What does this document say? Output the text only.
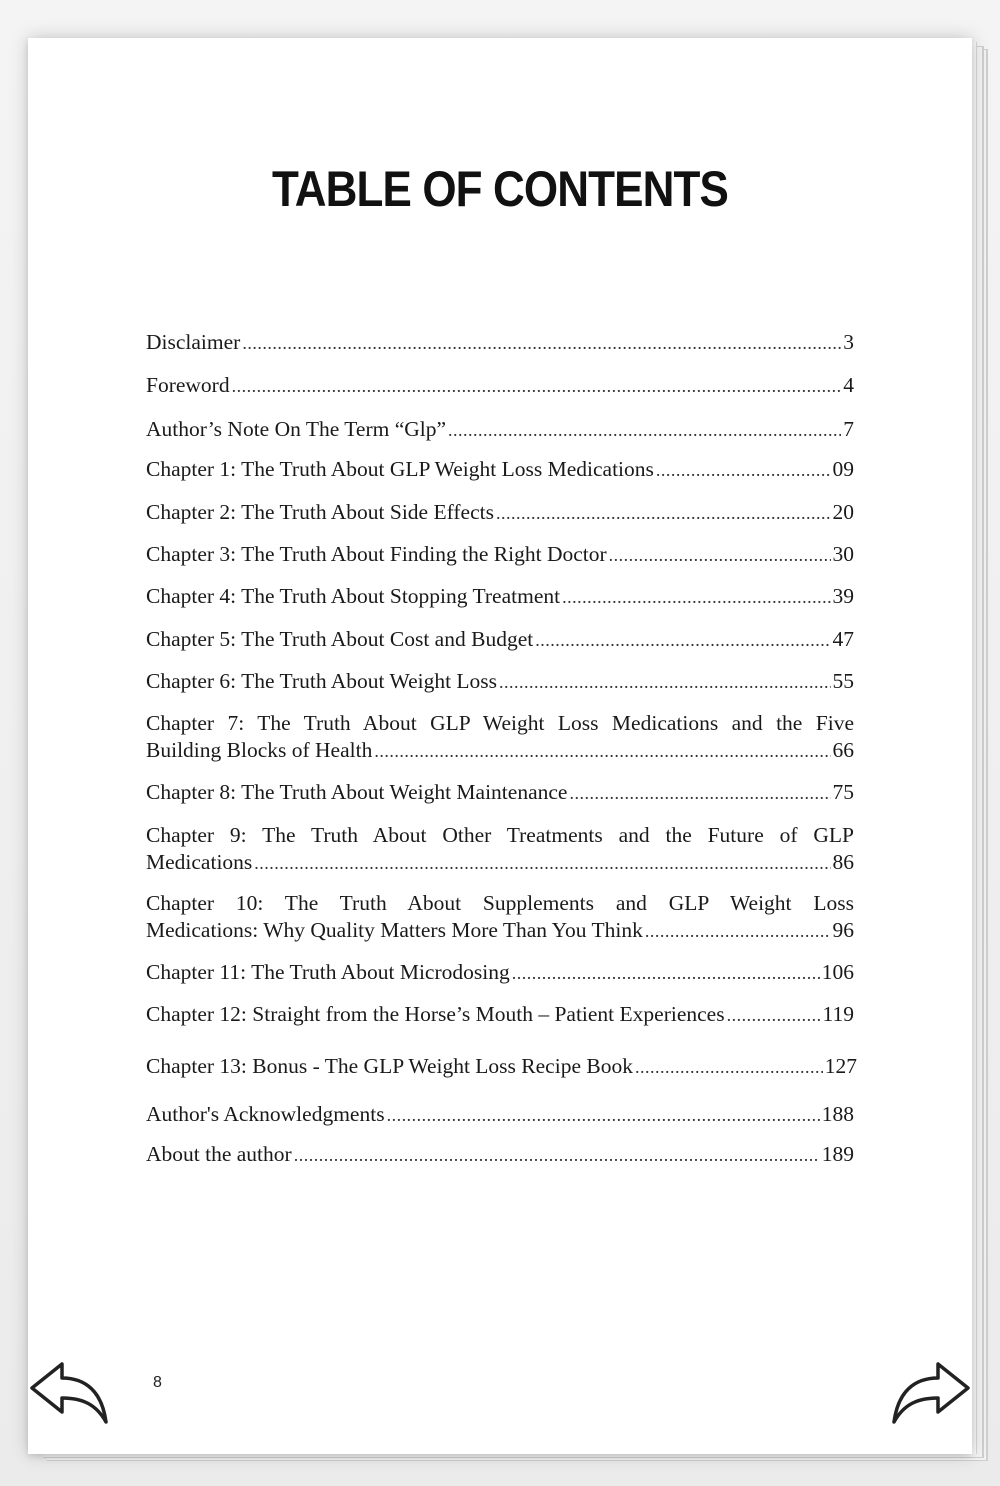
TABLE OF CONTENTS
Disclaimer .....	3
Foreword .....	4
Author’s Note On The Term “Glp” .....	7
Chapter 1: The Truth About GLP Weight Loss Medications .....	09
Chapter 2: The Truth About Side Effects .....	20
Chapter 3: The Truth About Finding the Right Doctor .....	30
Chapter 4: The Truth About Stopping Treatment .....	39
Chapter 5: The Truth About Cost and Budget .....	47
Chapter 6: The Truth About Weight Loss .....	55
Chapter 7: The Truth About GLP Weight Loss Medications and the Five
Building Blocks of Health .....	66
Chapter 8: The Truth About Weight Maintenance .....	75
Chapter 9: The Truth About Other Treatments and the Future of GLP
Medications .....	86
Chapter 10: The Truth About Supplements and GLP Weight Loss
Medications: Why Quality Matters More Than You Think .....	96
Chapter 11: The Truth About Microdosing .....	106
Chapter 12: Straight from the Horse’s Mouth – Patient Experiences .....	119
Chapter 13: Bonus - The GLP Weight Loss Recipe Book .....	127
Author's Acknowledgments .....	188
About the author .....	189
8
